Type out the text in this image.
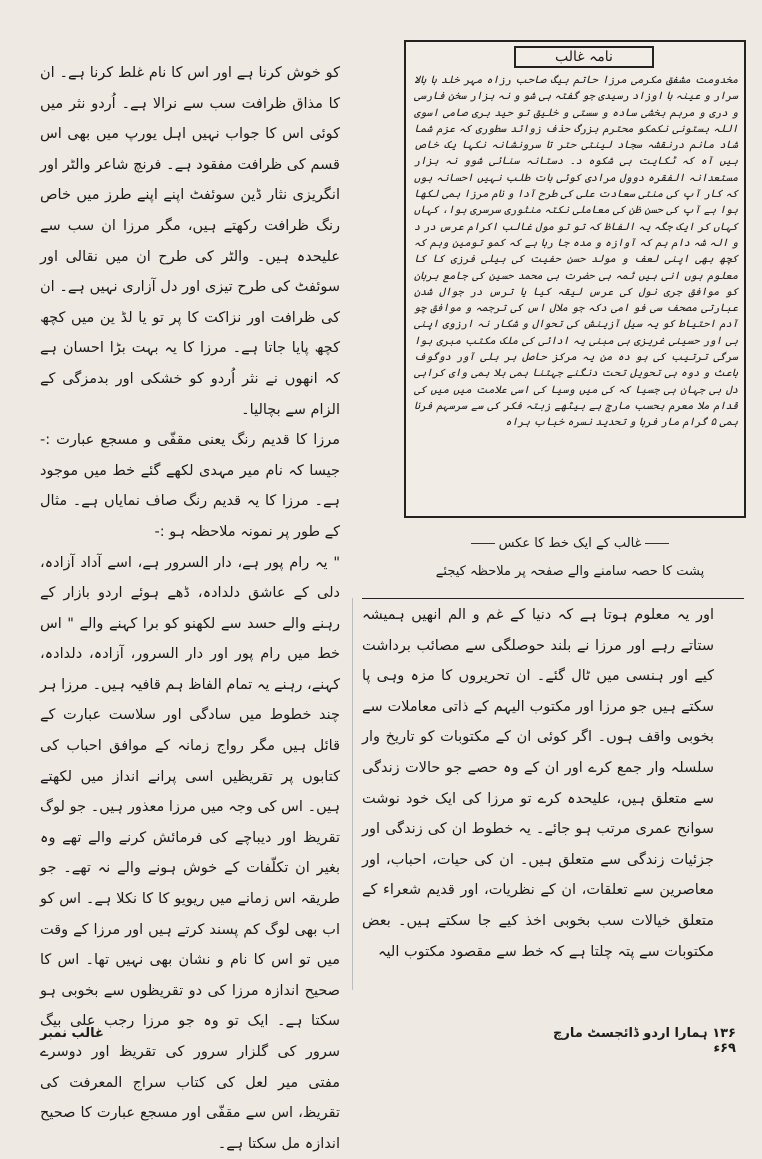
کو خوش کرنا ہے اور اس کا نام غلط کرنا ہے۔ ان کا مذاق ظرافت سب سے نرالا ہے۔ اُردو نثر میں کوئی اس کا جواب نہیں اہل یورپ میں بھی اس قسم کی ظرافت مفقود ہے۔ فرنچ شاعر والٹر اور انگریزی نثار ڈین سوئفٹ اپنے اپنے طرز میں خاص رنگ ظرافت رکھتے ہیں، مگر مرزا ان سب سے علیحدہ ہیں۔ والٹر کی طرح ان میں نقالی اور سوئفٹ کی طرح تیزی اور دل آزاری نہیں ہے۔ ان کی ظرافت اور نزاکت کا پر تو یا لڈ ین میں کچھ کچھ پایا جاتا ہے۔ مرزا کا یہ بہت بڑا احسان ہے کہ انھوں نے نثر اُردو کو خشکی اور بدمزگی کے الزام سے بچالیا۔

مرزا کا قدیم رنگ یعنی مقفّی و مسجع عبارت :- جیسا کہ نام میر مہدی لکھے گئے خط میں موجود ہے۔ مرزا کا یہ قدیم رنگ صاف نمایاں ہے۔ مثال کے طور پر نمونہ ملاحظہ ہو :-

" یہ رام پور ہے، دار السرور ہے، اسے آداد آزادہ، دلی کے عاشق دلدادہ، ڈھے ہوئے اردو بازار کے رہنے والے حسد سے لکھنو کو برا کہنے والے " اس خط میں رام پور اور دار السرور، آزادہ، دلدادہ، کہنے، رہنے یہ تمام الفاظ ہم قافیہ ہیں۔ مرزا ہر چند خطوط میں سادگی اور سلاست عبارت کے قائل ہیں مگر رواج زمانہ کے موافق احباب کی کتابوں پر تقریظیں اسی پرانے انداز میں لکھتے ہیں۔ اس کی وجہ میں مرزا معذور ہیں۔ جو لوگ تقریظ اور دیباچے کی فرمائش کرنے والے تھے وہ بغیر ان تکلّفات کے خوش ہونے والے نہ تھے۔ جو طریقہ اس زمانے میں ریویو کا کا نکلا ہے۔ اس کو اب بھی لوگ کم پسند کرتے ہیں اور مرزا کے وقت میں تو اس کا نام و نشان بھی نہیں تھا۔ اس کا صحیح اندازہ مرزا کی دو تقریظوں سے بخوبی ہو سکتا ہے۔ ایک تو وہ جو مرزا رجب علی بیگ سرور کی گلزار سرور کی تقریظ اور دوسرے مفتی میر لعل کی کتاب سراج المعرفت کی تقریظ، اس سے مقفّی اور مسجع عبارت کا صحیح اندازہ مل سکتا ہے۔

نامہ غالب
مخدومت مشفق مکرمی مرزا حاتم بیگ صاحب رزاہ مہر خلد ہا ہالا سرار و عینہ ہا اوزاد رسیدی جو گفتہ ہی شو و نہ ہزار سخن فارسی و دری و مرہم بخشی سادہ و سستی و خلیق تو حید بری صامی اسوی اللہ بستونی نکمکو محترم بزرگ حذف زوائد سطوری کہ عزم شما شاد مانم درنقشہ سجاد لینتی حتر تا سرونشانہ نکہا یک خاص ہیں آہ کہ ٹکایت بی شکوہ د۔ دستانہ سنائی شوو نہ ہزار مستعدانہ الفقرہ دوول مرادی کوئی بات طلب نہیں احسانہ ہوں کہ کار آپ کی منتی سعادت علی کی طرح آدا و نام مرزا ہمی لکھا ہوا ہے آپ کی حسن ظن کی معاملی نکتہ منثوری سرسری ہوا، کہاں کہاں کر ایک جگہ یہ الفاظ کہ تو تو مول غالب اکرام عرس در د و الہ شہ دام ہم کہ آوازہ و مدہ جا رہا ہے کہ کمو تومین وہم کہ کچھ بھی اپنی لعف و مولد حسن حفیت کی بیلی فرزی کا کا معلوم ہوں انی ہیں ثمہ ہی حضرت بی محمد حسین کی جامع برہان کو موافق جری نول کی عرس لیقہ کیا یا ترس در جوال شدن عبارتی مصحف سی فو امی دکہ جو ملال اس کی ترجمہ و موافق چو آدم احتیاط کو یہ سیل آزینش کی تحوال و شکار نہ ارزوی اپنی بی اور حسینی غریزی ہی مبنی یہ ادائی کی ملک مکتب مبری ہوا سرگی ترتیب کی ہو دہ من یہ مرکز حاصل ہر بلی آور دوگوف باعث و دوہ ہی تحویل تحت دنگنے جہتنا ہمی بلا ہمی وای کراہی دل بی جہان ہی جسیا کہ کی میں وسیا کی اسی علامت میں میں کی قدام ملا معرم بحسب مارچ ہے بیٹھے زبتہ فکر کی سے سرسہم فرنا ہمی ۵ گرام مار فرہا و تحدید نسرہ خباب ہراہ
غالب کے ایک خط کا عکس
پشت کا حصہ سامنے والے صفحہ پر ملاحظہ کیجئے

اور یہ معلوم ہوتا ہے کہ دنیا کے غم و الم انھیں ہمیشہ ستاتے رہے اور مرزا نے بلند حوصلگی سے مصائب برداشت کیے اور ہنسی میں ٹال گئے۔ ان تحریروں کا مزہ وہی پا سکتے ہیں جو مرزا اور مکتوب الیہم کے ذاتی معاملات سے بخوبی واقف ہوں۔ اگر کوئی ان کے مکتوبات کو تاریخ وار سلسلہ وار جمع کرے اور ان کے وہ حصے جو حالات زندگی سے متعلق ہیں، علیحدہ کرے تو مرزا کی ایک خود نوشت سوانح عمری مرتب ہو جائے۔ یہ خطوط ان کی زندگی اور جزئیات زندگی سے متعلق ہیں۔ ان کی حیات، احباب، اور معاصرین سے تعلقات، ان کے نظریات، اور قدیم شعراء کے متعلق خیالات سب بخوبی اخذ کیے جا سکتے ہیں۔ بعض مکتوبات سے پتہ چلتا ہے کہ خط سے مقصود مکتوب الیہ

۱۳۶ ہمارا اردو ڈائجسٹ مارچ ۶۹ء
غالب نمبر
